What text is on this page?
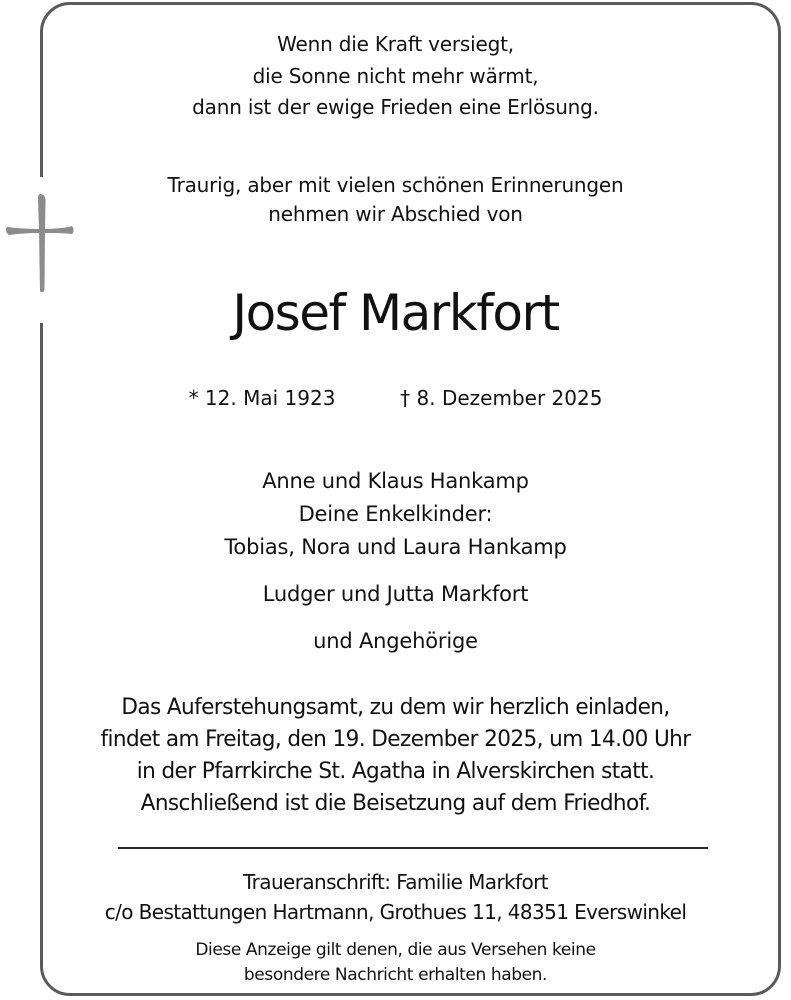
Wenn die Kraft versiegt,
die Sonne nicht mehr wärmt,
dann ist der ewige Frieden eine Erlösung.
Traurig, aber mit vielen schönen Erinnerungen
nehmen wir Abschied von
Josef Markfort
* 12. Mai 1923	† 8. Dezember 2025
Anne und Klaus Hankamp
Deine Enkelkinder:
Tobias, Nora und Laura Hankamp
Ludger und Jutta Markfort
und Angehörige
Das Auferstehungsamt, zu dem wir herzlich einladen,
findet am Freitag, den 19. Dezember 2025, um 14.00 Uhr
in der Pfarrkirche St. Agatha in Alverskirchen statt.
Anschließend ist die Beisetzung auf dem Friedhof.
Traueranschrift: Familie Markfort
c/o Bestattungen Hartmann, Grothues 11, 48351 Everswinkel
Diese Anzeige gilt denen, die aus Versehen keine
besondere Nachricht erhalten haben.
